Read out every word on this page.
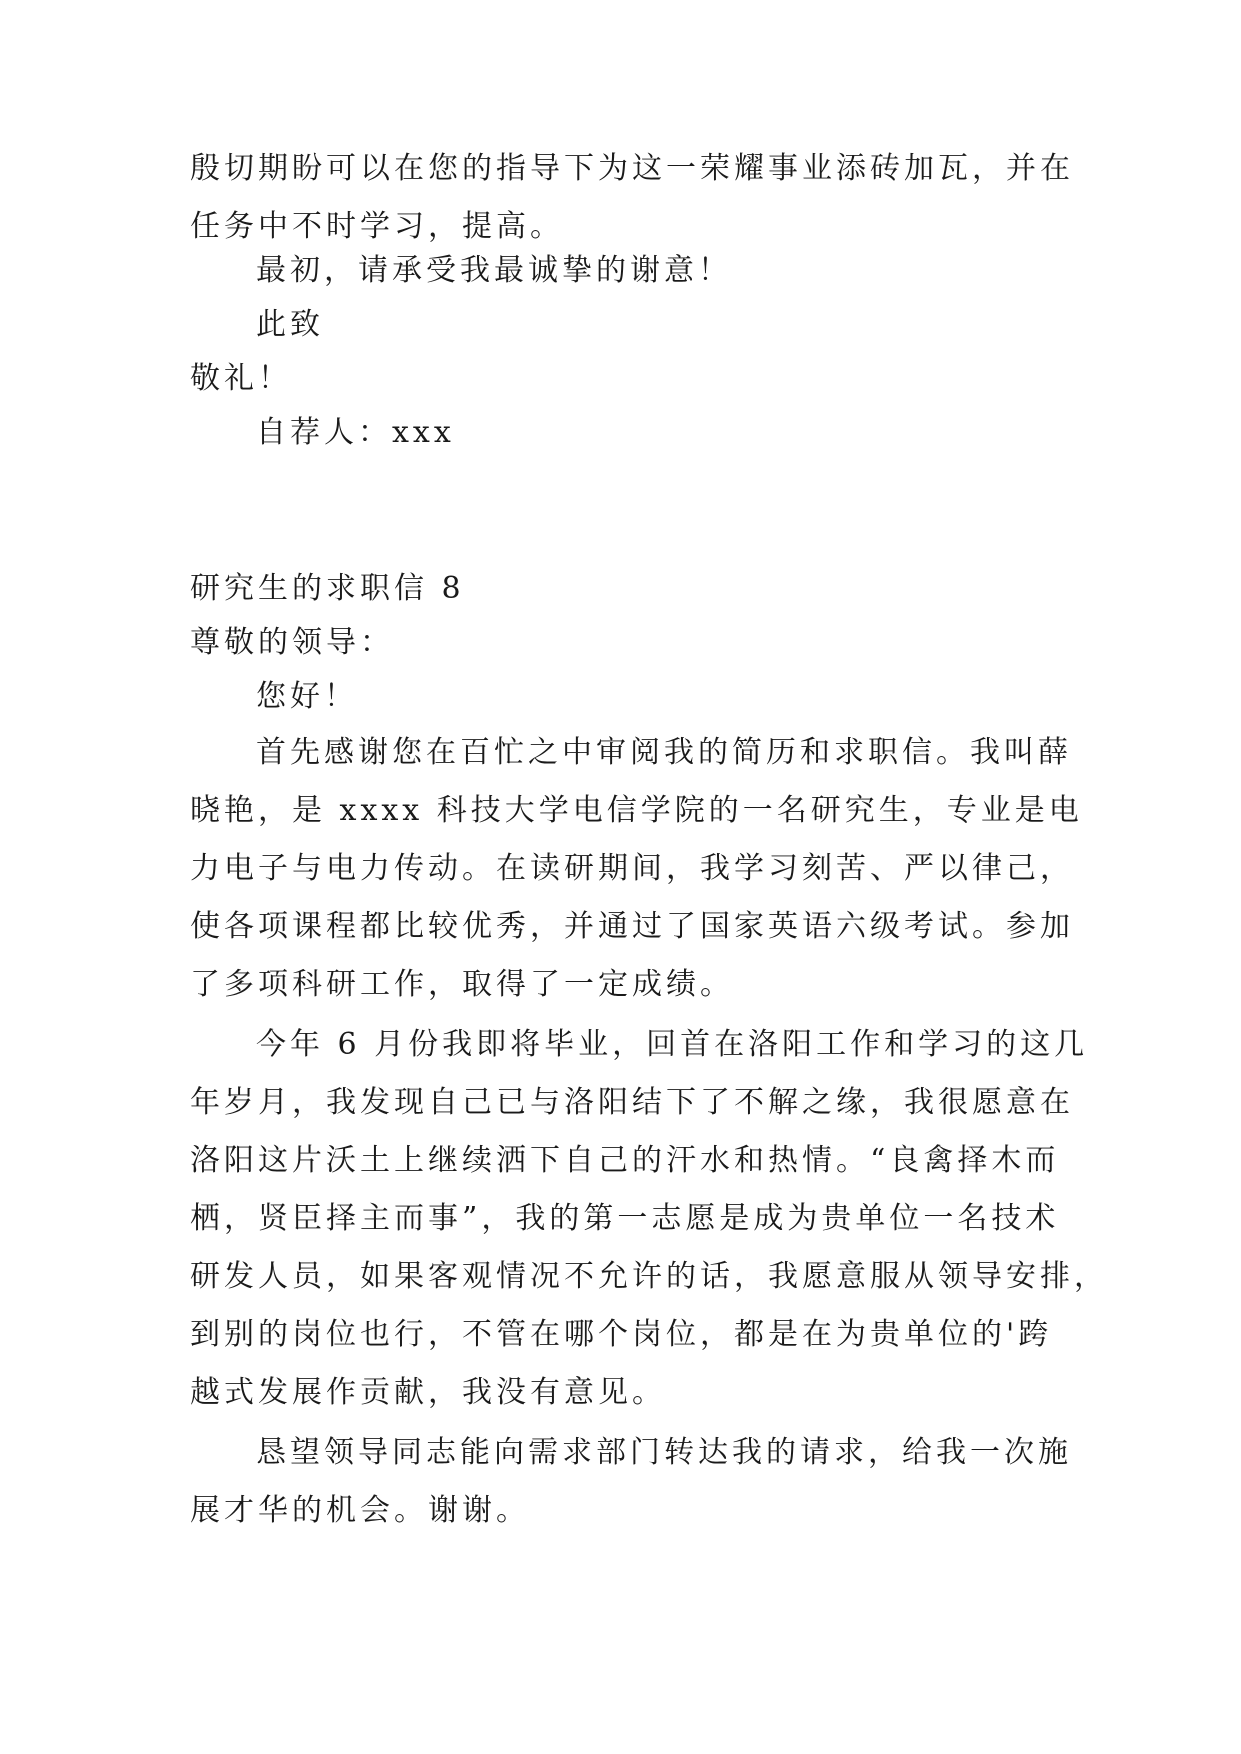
殷切期盼可以在您的指导下为这一荣耀事业添砖加瓦，并在
任务中不时学习，提高。
最初，请承受我最诚挚的谢意！
此致
敬礼！
自荐人：xxx
研究生的求职信 8
尊敬的领导：
您好！
首先感谢您在百忙之中审阅我的简历和求职信。我叫薛
晓艳，是 xxxx 科技大学电信学院的一名研究生，专业是电
力电子与电力传动。在读研期间，我学习刻苦、严以律己，
使各项课程都比较优秀，并通过了国家英语六级考试。参加
了多项科研工作，取得了一定成绩。
今年 6 月份我即将毕业，回首在洛阳工作和学习的这几
年岁月，我发现自己已与洛阳结下了不解之缘，我很愿意在
洛阳这片沃土上继续洒下自己的汗水和热情。“良禽择木而
栖，贤臣择主而事”，我的第一志愿是成为贵单位一名技术
研发人员，如果客观情况不允许的话，我愿意服从领导安排，
到别的岗位也行，不管在哪个岗位，都是在为贵单位的'跨
越式发展作贡献，我没有意见。
恳望领导同志能向需求部门转达我的请求，给我一次施
展才华的机会。谢谢。
